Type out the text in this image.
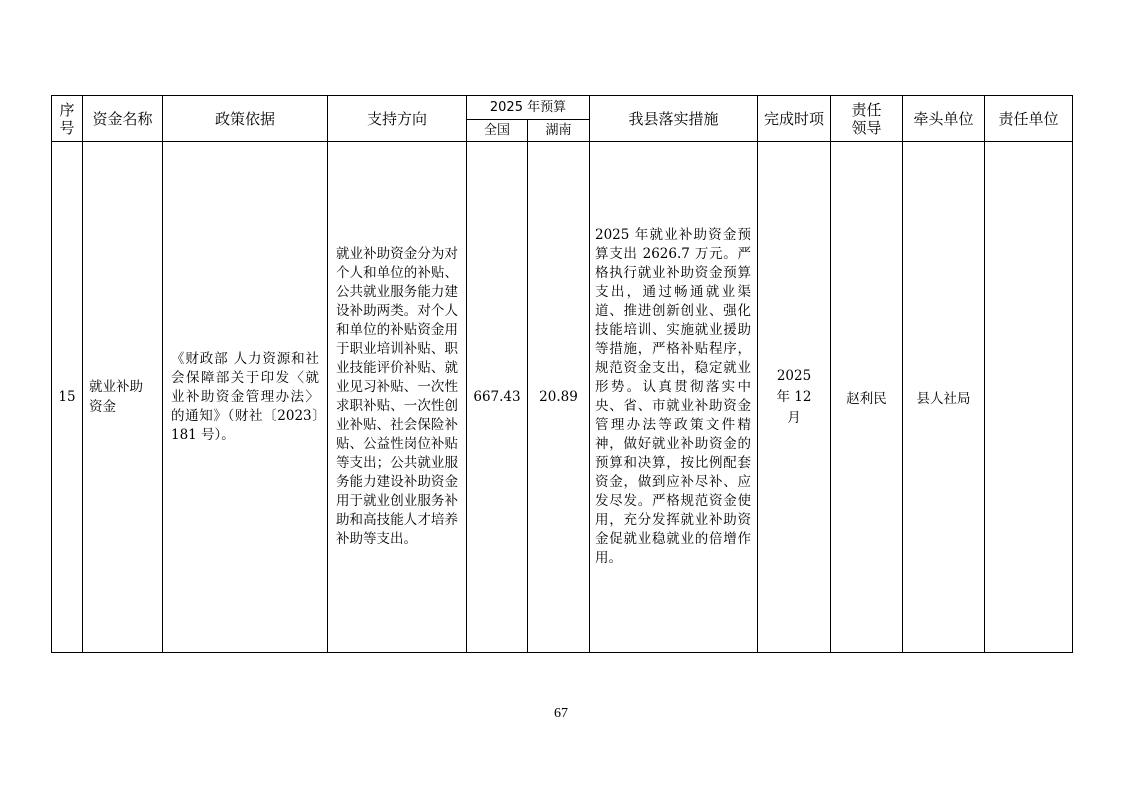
序号	资金名称	政策依据	支持方向	2025 年预算		我县落实措施	完成时项	责任领导	牵头单位	责任单位
				全国	湖南					
15	就业补助资金	《财政部 人力资源和社会保障部关于印发〈就业补助资金管理办法〉的通知》（财社〔2023〕181 号）。	就业补助资金分为对个人和单位的补贴、公共就业服务能力建设补助两类。对个人和单位的补贴资金用于职业培训补贴、职业技能评价补贴、就业见习补贴、一次性求职补贴、一次性创业补贴、社会保险补贴、公益性岗位补贴等支出；公共就业服务能力建设补助资金用于就业创业服务补助和高技能人才培养补助等支出。	667.43	20.89	2025 年就业补助资金预算支出 2626.7 万元。严格执行就业补助资金预算支出，通过畅通就业渠道、推进创新创业、强化技能培训、实施就业援助等措施，严格补贴程序，规范资金支出，稳定就业形势。认真贯彻落实中央、省、市就业补助资金管理办法等政策文件精神，做好就业补助资金的预算和决算，按比例配套资金，做到应补尽补、应发尽发。严格规范资金使用，充分发挥就业补助资金促就业稳就业的倍增作用。	2025 年 12 月	赵利民	县人社局	
67
